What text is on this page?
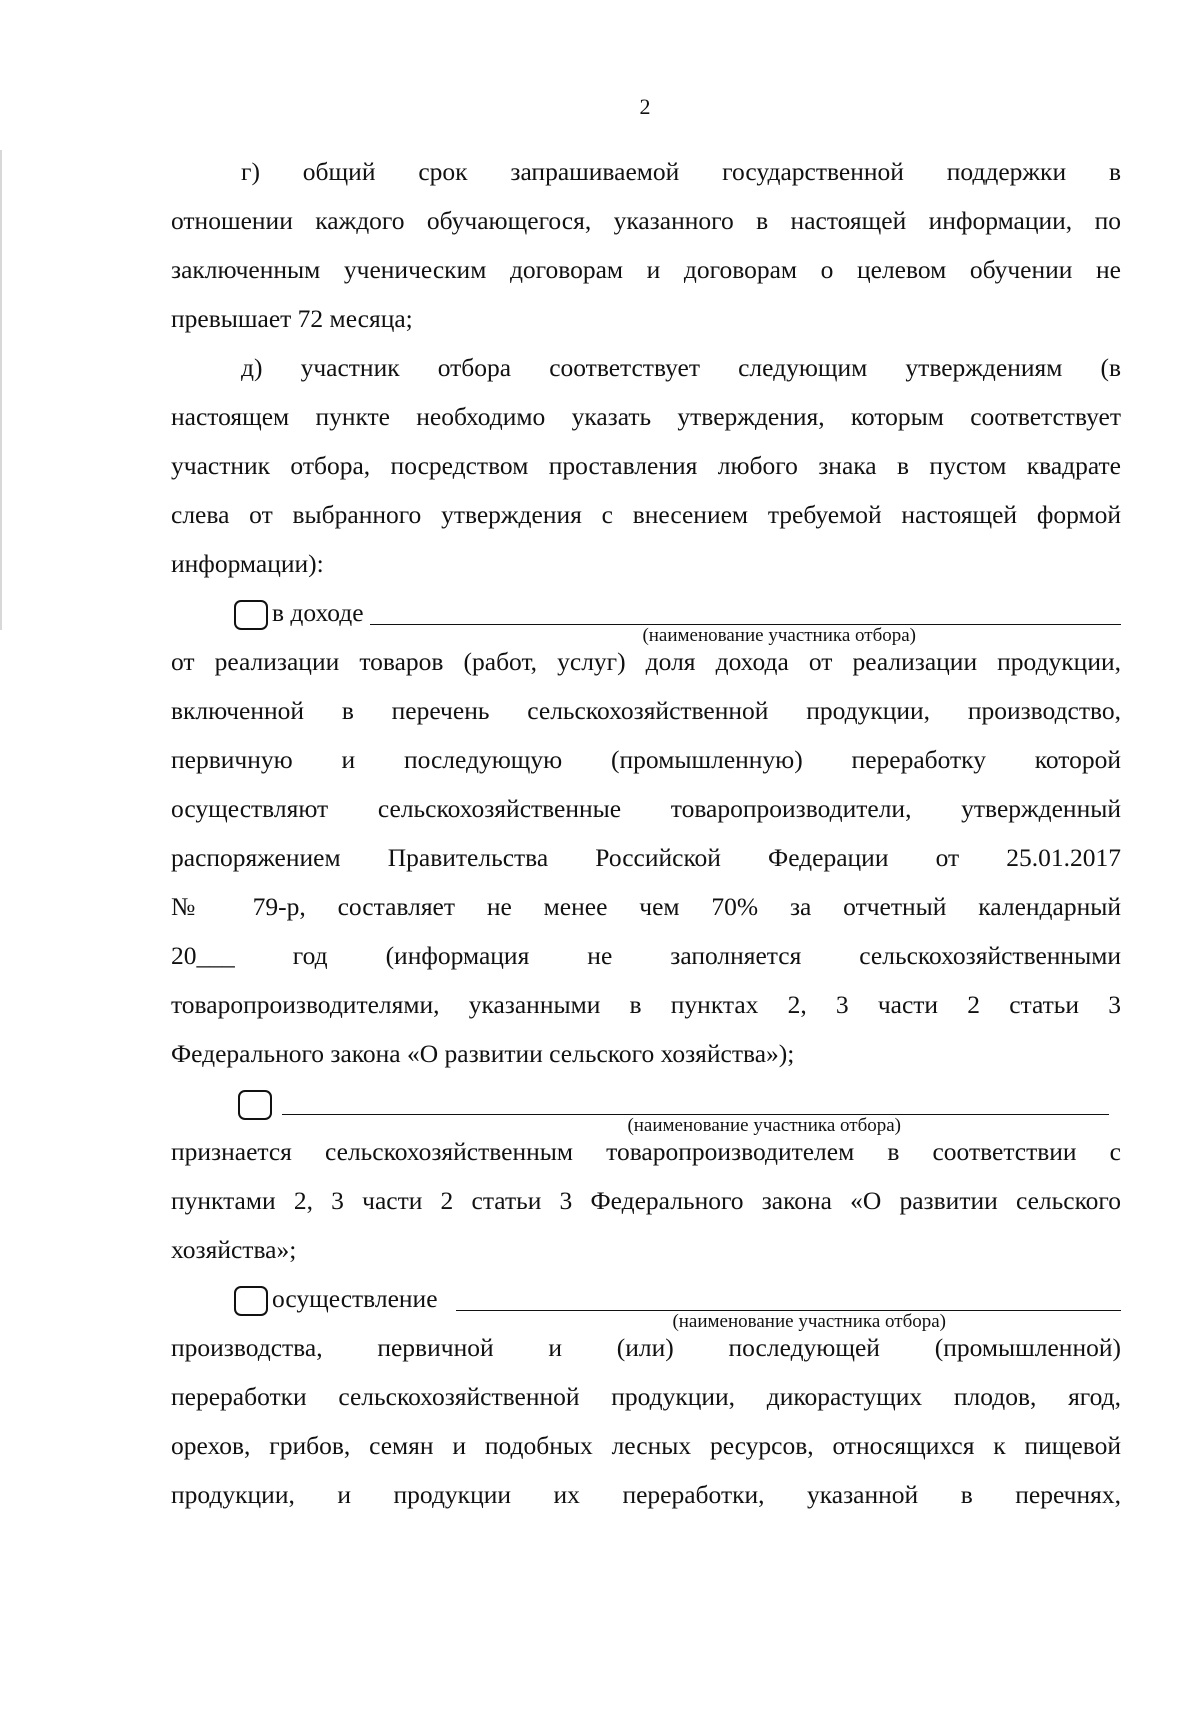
2
г) общий срок запрашиваемой государственной поддержки в
отношении каждого обучающегося, указанного в настоящей информации, по
заключенным ученическим договорам и договорам о целевом обучении не
превышает 72 месяца;
д) участник отбора соответствует следующим утверждениям (в
настоящем пункте необходимо указать утверждения, которым соответствует
участник отбора, посредством проставления любого знака в пустом квадрате
слева от выбранного утверждения с внесением требуемой настоящей формой
информации):
в доходе
(наименование участника отбора)
от реализации товаров (работ, услуг) доля дохода от реализации продукции,
включенной в перечень сельскохозяйственной продукции, производство,
первичную и последующую (промышленную) переработку которой
осуществляют сельскохозяйственные товаропроизводители, утвержденный
распоряжением Правительства Российской Федерации от 25.01.2017
№ 79-р, составляет не менее чем 70% за отчетный календарный
20___ год (информация не заполняется сельскохозяйственными
товаропроизводителями, указанными в пунктах 2, 3 части 2 статьи 3
Федерального закона «О развитии сельского хозяйства»);
(наименование участника отбора)
признается сельскохозяйственным товаропроизводителем в соответствии с
пунктами 2, 3 части 2 статьи 3 Федерального закона «О развитии сельского
хозяйства»;
осуществление
(наименование участника отбора)
производства, первичной и (или) последующей (промышленной)
переработки сельскохозяйственной продукции, дикорастущих плодов, ягод,
орехов, грибов, семян и подобных лесных ресурсов, относящихся к пищевой
продукции, и продукции их переработки, указанной в перечнях,
